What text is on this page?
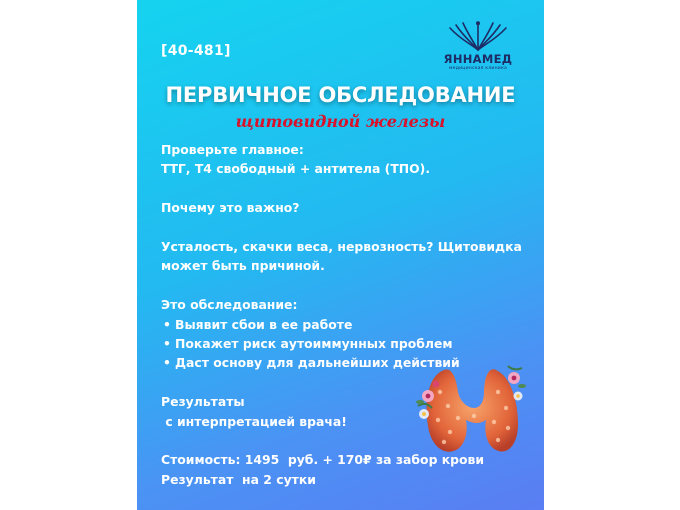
[40-481]	ЯННАМЕД
медицинская клиника
ПЕРВИЧНОЕ ОБСЛЕДОВАНИЕ
щитовидной железы
Проверьте главное:
ТТГ, Т4 свободный + антитела (ТПО).
Почему это важно?
Усталость, скачки веса, нервозность? Щитовидка
может быть причиной.
Это обследование:
• Выявит сбои в ее работе
• Покажет риск аутоиммунных проблем
• Даст основу для дальнейших действий
Результаты
с интерпретацией врача!
Стоимость: 1495  руб. + 170₽ за забор крови
Результат на 2 сутки
